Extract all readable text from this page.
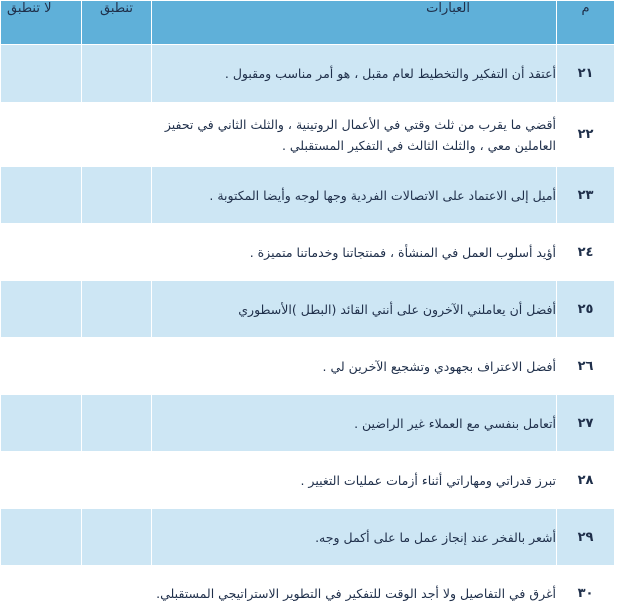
م	العبارات	تنطبق	لا تنطبق
٢١	أعتقد أن التفكير والتخطيط لعام مقبل ، هو أمر مناسب ومقبول .		
٢٢	أقضي ما يقرب من ثلث وقتي في الأعمال الروتينية ، والثلث الثاني في تحفيز العاملين معي ، والثلث الثالث في التفكير المستقبلي .		
٢٣	أميل إلى الاعتماد على الاتصالات الفردية وجها لوجه وأيضا المكتوبة .		
٢٤	أؤيد أسلوب العمل في المنشأة ، فمنتجاتنا وخدماتنا متميزة .		
٢٥	أفضل أن يعاملني الآخرون على أنني القائد (البطل )الأسطوري		
٢٦	أفضل الاعتراف بجهودي وتشجيع الآخرين لي .		
٢٧	أتعامل بنفسي مع العملاء غير الراضين .		
٢٨	تبرز قدراتي ومهاراتي أثناء أزمات عمليات التغيير .		
٢٩	أشعر بالفخر عند إنجاز عمل ما على أكمل وجه.		
٣٠	أغرق في التفاصيل ولا أجد الوقت للتفكير في التطوير الاستراتيجي المستقبلي.		
